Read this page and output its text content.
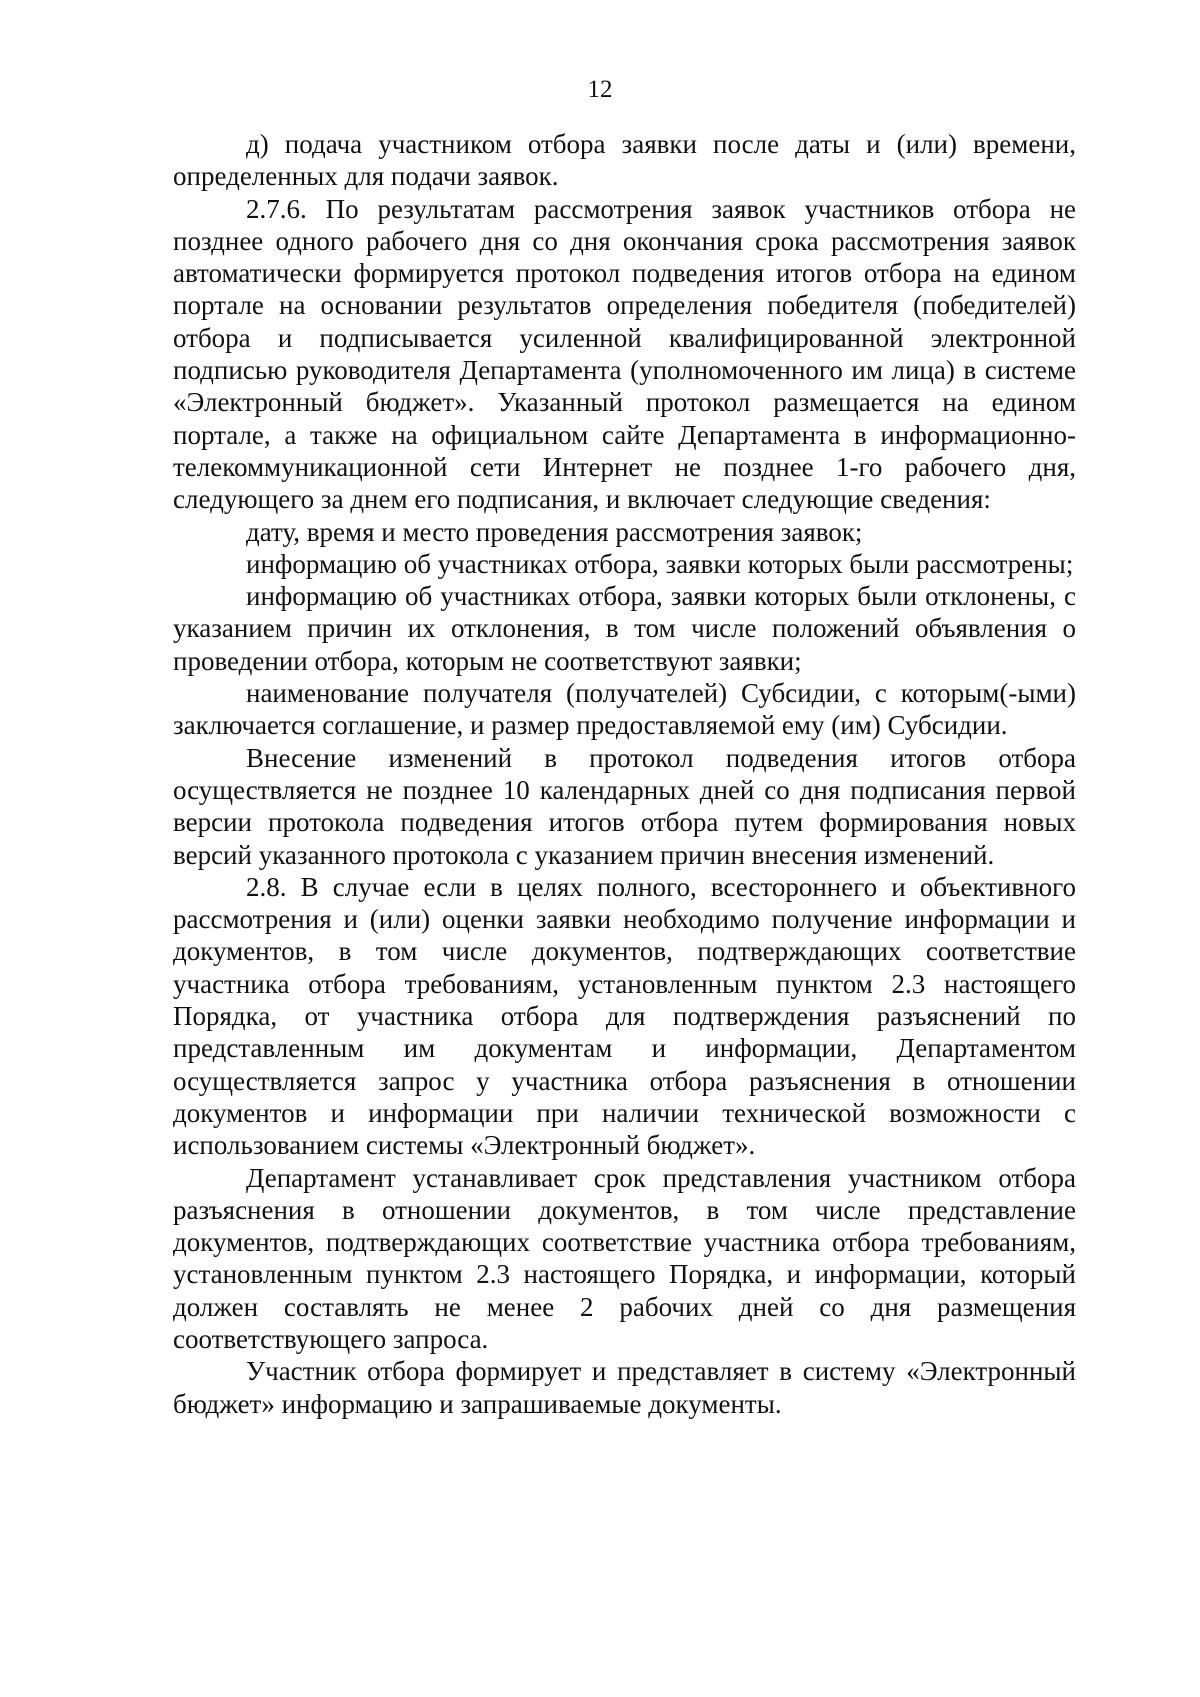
12

д) подача участником отбора заявки после даты и (или) времени, определенных для подачи заявок.

2.7.6. По результатам рассмотрения заявок участников отбора не позднее одного рабочего дня со дня окончания срока рассмотрения заявок автоматически формируется протокол подведения итогов отбора на едином портале на основании результатов определения победителя (победителей) отбора и подписывается усиленной квалифицированной электронной подписью руководителя Департамента (уполномоченного им лица) в системе «Электронный бюджет». Указанный протокол размещается на едином портале, а также на официальном сайте Департамента в информационно-телекоммуникационной сети Интернет не позднее 1-го рабочего дня, следующего за днем его подписания, и включает следующие сведения:

дату, время и место проведения рассмотрения заявок;

информацию об участниках отбора, заявки которых были рассмотрены;

информацию об участниках отбора, заявки которых были отклонены, с указанием причин их отклонения, в том числе положений объявления о проведении отбора, которым не соответствуют заявки;

наименование получателя (получателей) Субсидии, с которым(-ыми) заключается соглашение, и размер предоставляемой ему (им) Субсидии.

Внесение изменений в протокол подведения итогов отбора осуществляется не позднее 10 календарных дней со дня подписания первой версии протокола подведения итогов отбора путем формирования новых версий указанного протокола с указанием причин внесения изменений.

2.8. В случае если в целях полного, всестороннего и объективного рассмотрения и (или) оценки заявки необходимо получение информации и документов, в том числе документов, подтверждающих соответствие участника отбора требованиям, установленным пунктом 2.3 настоящего Порядка, от участника отбора для подтверждения разъяснений по представленным им документам и информации, Департаментом осуществляется запрос у участника отбора разъяснения в отношении документов и информации при наличии технической возможности с использованием системы «Электронный бюджет».

Департамент устанавливает срок представления участником отбора разъяснения в отношении документов, в том числе представление документов, подтверждающих соответствие участника отбора требованиям, установленным пунктом 2.3 настоящего Порядка, и информации, который должен составлять не менее 2 рабочих дней со дня размещения соответствующего запроса.

Участник отбора формирует и представляет в систему «Электронный бюджет» информацию и запрашиваемые документы.
